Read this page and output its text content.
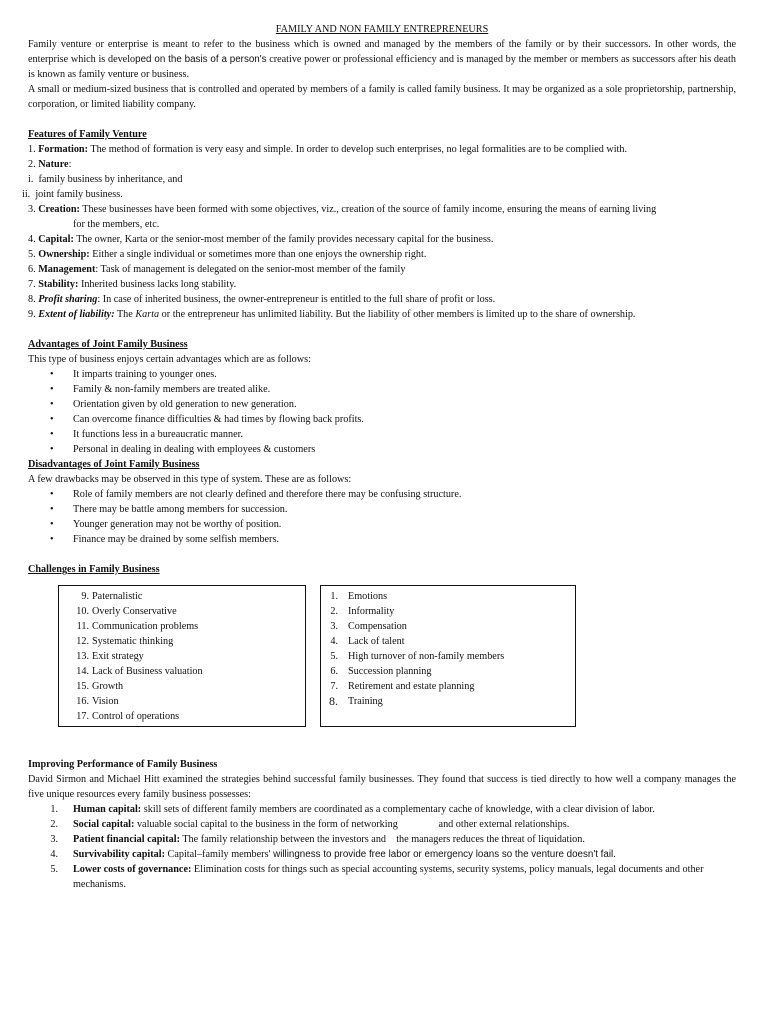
FAMILY AND NON FAMILY ENTREPRENEURS

Family venture or enterprise is meant to refer to the business which is owned and managed by the members of the family or by their successors. In other words, the enterprise which is developed on the basis of a person's creative power or professional efficiency and is managed by the member or members as successors after his death is known as family venture or business.

A small or medium-sized business that is controlled and operated by members of a family is called family business. It may be organized as a sole proprietorship, partnership, corporation, or limited liability company.

Features of Family Venture
1. Formation: The method of formation is very easy and simple. In order to develop such enterprises, no legal formalities are to be complied with.
2. Nature:
i. family business by inheritance, and
ii. joint family business.
3. Creation: These businesses have been formed with some objectives, viz., creation of the source of family income, ensuring the means of earning living
for the members, etc.
4. Capital: The owner, Karta or the senior-most member of the family provides necessary capital for the business.
5. Ownership: Either a single individual or sometimes more than one enjoys the ownership right.
6. Management: Task of management is delegated on the senior-most member of the family
7. Stability: Inherited business lacks long stability.
8. Profit sharing: In case of inherited business, the owner-entrepreneur is entitled to the full share of profit or loss.
9. Extent of liability: The Karta or the entrepreneur has unlimited liability. But the liability of other members is limited up to the share of ownership.
Advantages of Joint Family Business
This type of business enjoys certain advantages which are as follows:
• It imparts training to younger ones.
• Family & non-family members are treated alike.
• Orientation given by old generation to new generation.
• Can overcome finance difficulties & had times by flowing back profits.
• It functions less in a bureaucratic manner.
• Personal in dealing in dealing with employees & customers
Disadvantages of Joint Family Business
A few drawbacks may be observed in this type of system. These are as follows:
• Role of family members are not clearly defined and therefore there may be confusing structure.
• There may be battle among members for succession.
• Younger generation may not be worthy of position.
• Finance may be drained by some selfish members.
Challenges in Family Business
9. Paternalistic
10. Overly Conservative
11. Communication problems
12. Systematic thinking
13. Exit strategy
14. Lack of Business valuation
15. Growth
16. Vision
17. Control of operations
1. Emotions
2. Informality
3. Compensation
4. Lack of talent
5. High turnover of non-family members
6. Succession planning
7. Retirement and estate planning
8. Training
Improving Performance of Family Business

David Sirmon and Michael Hitt examined the strategies behind successful family businesses. They found that success is tied directly to how well a company manages the five unique resources every family business possesses:

1.	Human capital: skill sets of different family members are coordinated as a complementary cache of knowledge, with a clear division of labor.
2.	Social capital: valuable social capital to the business in the form of networking                and other external relationships.
3.	Patient financial capital: The family relationship between the investors and    the managers reduces the threat of liquidation.
4.	Survivability capital: Capital–family members' willingness to provide free labor or emergency loans so the venture doesn't fail.
5.	Lower costs of governance: Elimination costs for things such as special accounting systems, security systems, policy manuals, legal documents and other mechanisms.
